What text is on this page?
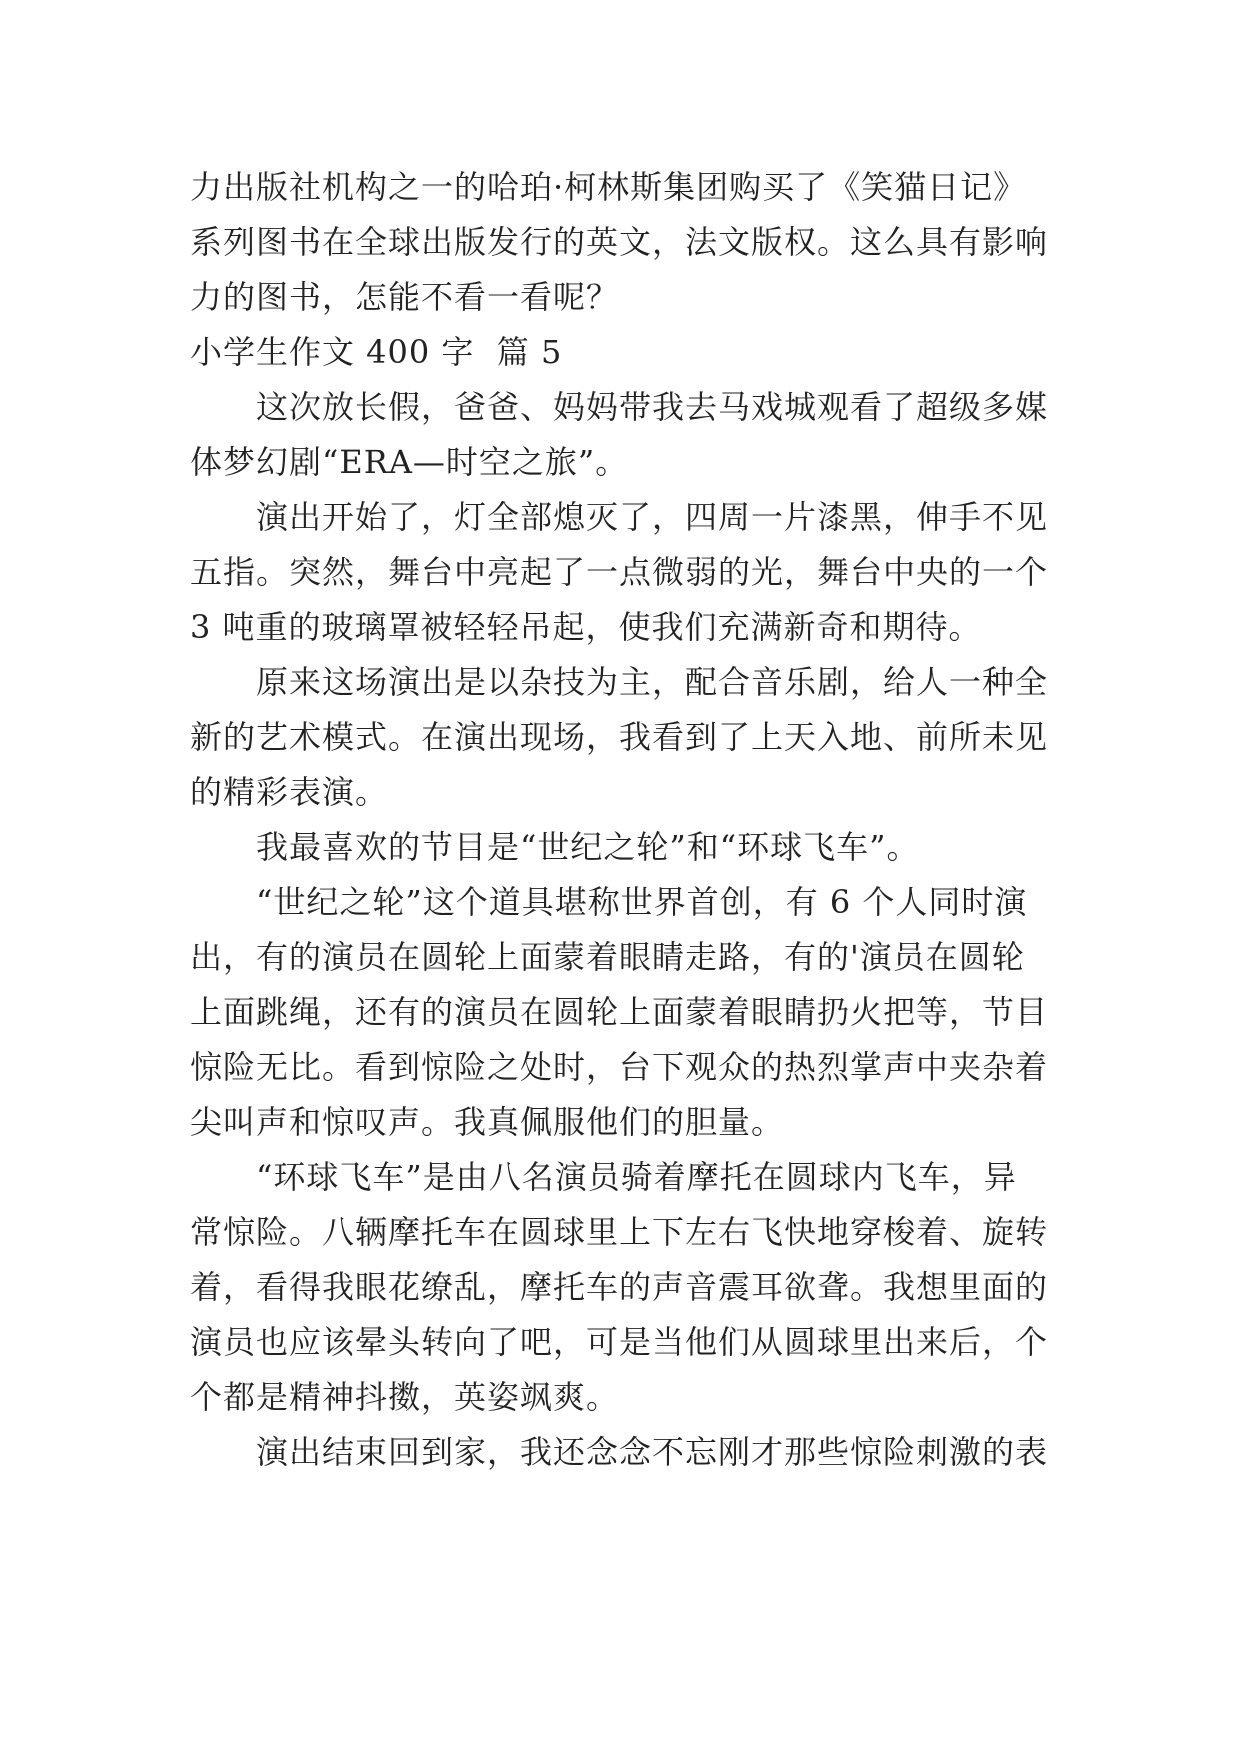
力出版社机构之一的哈珀·柯林斯集团购买了《笑猫日记》
系列图书在全球出版发行的英文，法文版权。这么具有影响
力的图书，怎能不看一看呢？
小学生作文 400 字  篇 5
这次放长假，爸爸、妈妈带我去马戏城观看了超级多媒
体梦幻剧“ERA—时空之旅”。
演出开始了，灯全部熄灭了，四周一片漆黑，伸手不见
五指。突然，舞台中亮起了一点微弱的光，舞台中央的一个
3 吨重的玻璃罩被轻轻吊起，使我们充满新奇和期待。
原来这场演出是以杂技为主，配合音乐剧，给人一种全
新的艺术模式。在演出现场，我看到了上天入地、前所未见
的精彩表演。
我最喜欢的节目是“世纪之轮”和“环球飞车”。
“世纪之轮”这个道具堪称世界首创，有 6 个人同时演
出，有的演员在圆轮上面蒙着眼睛走路，有的'演员在圆轮
上面跳绳，还有的演员在圆轮上面蒙着眼睛扔火把等，节目
惊险无比。看到惊险之处时，台下观众的热烈掌声中夹杂着
尖叫声和惊叹声。我真佩服他们的胆量。
“环球飞车”是由八名演员骑着摩托在圆球内飞车，异
常惊险。八辆摩托车在圆球里上下左右飞快地穿梭着、旋转
着，看得我眼花缭乱，摩托车的声音震耳欲聋。我想里面的
演员也应该晕头转向了吧，可是当他们从圆球里出来后，个
个都是精神抖擞，英姿飒爽。
演出结束回到家，我还念念不忘刚才那些惊险刺激的表
